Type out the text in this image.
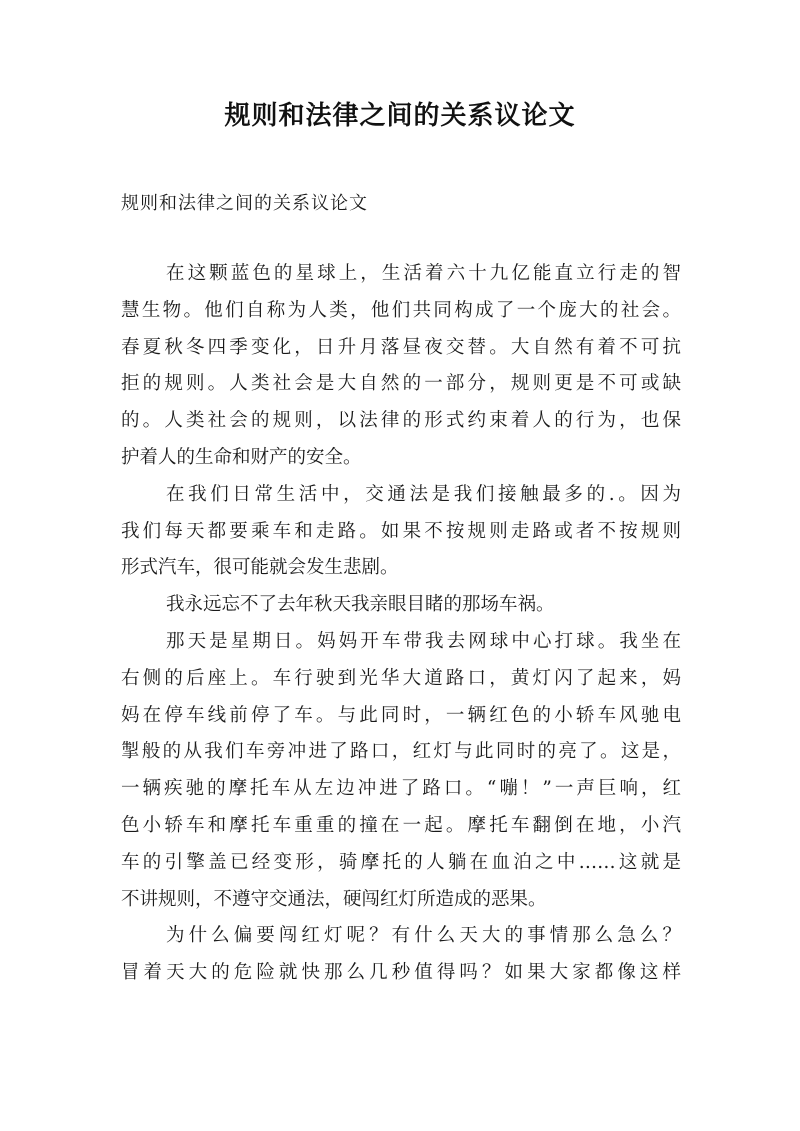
规则和法律之间的关系议论文
规则和法律之间的关系议论文
在这颗蓝色的星球上，生活着六十九亿能直立行走的智
慧生物。他们自称为人类，他们共同构成了一个庞大的社会。
春夏秋冬四季变化，日升月落昼夜交替。大自然有着不可抗
拒的规则。人类社会是大自然的一部分，规则更是不可或缺
的。人类社会的规则，以法律的形式约束着人的行为，也保
护着人的生命和财产的安全。
在我们日常生活中，交通法是我们接触最多的.。因为
我们每天都要乘车和走路。如果不按规则走路或者不按规则
形式汽车，很可能就会发生悲剧。
我永远忘不了去年秋天我亲眼目睹的那场车祸。
那天是星期日。妈妈开车带我去网球中心打球。我坐在
右侧的后座上。车行驶到光华大道路口，黄灯闪了起来，妈
妈在停车线前停了车。与此同时，一辆红色的小轿车风驰电
掣般的从我们车旁冲进了路口，红灯与此同时的亮了。这是，
一辆疾驰的摩托车从左边冲进了路口。“嘣！”一声巨响，红
色小轿车和摩托车重重的撞在一起。摩托车翻倒在地，小汽
车的引擎盖已经变形，骑摩托的人躺在血泊之中……这就是
不讲规则，不遵守交通法，硬闯红灯所造成的恶果。
为什么偏要闯红灯呢？有什么天大的事情那么急么？
冒着天大的危险就快那么几秒值得吗？如果大家都像这样
